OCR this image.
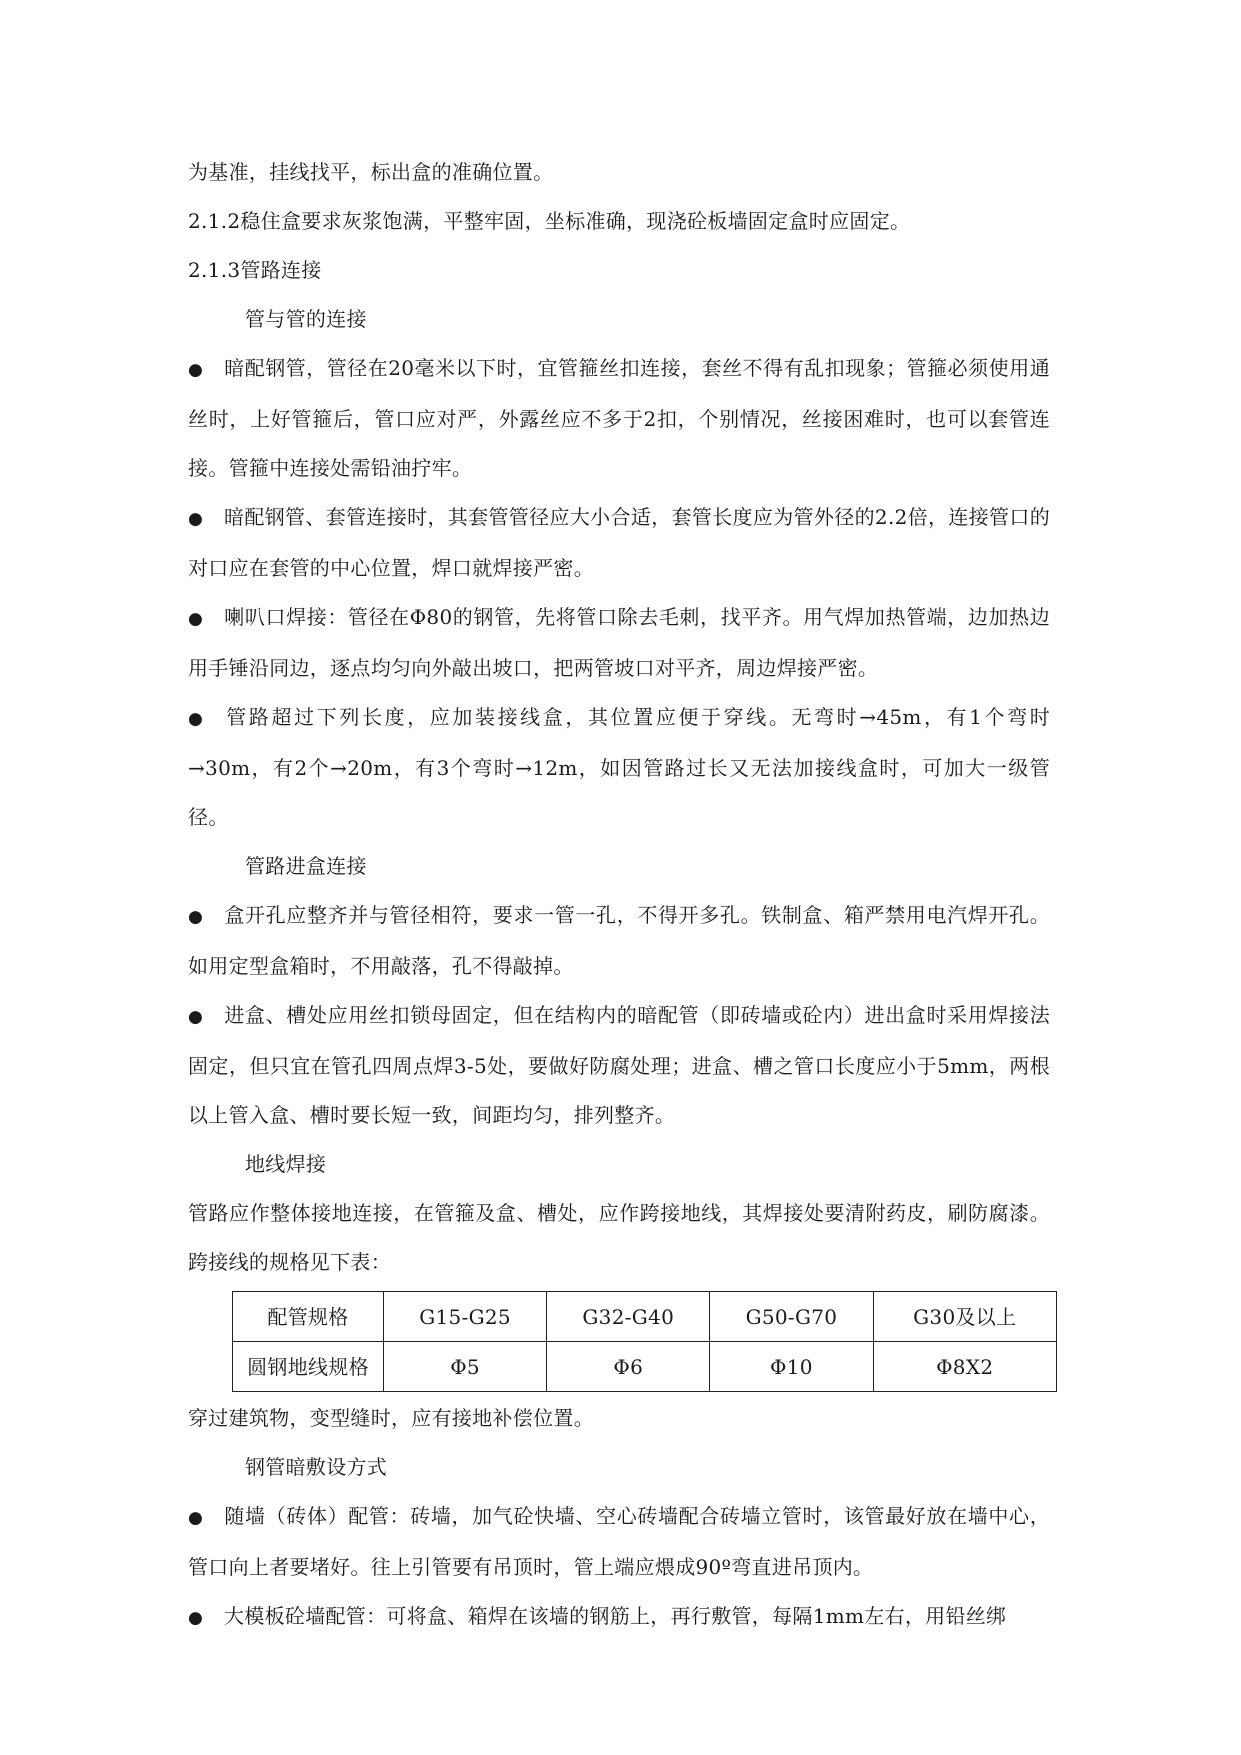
为基准，挂线找平，标出盒的准确位置。

2.1.2稳住盒要求灰浆饱满，平整牢固，坐标准确，现浇砼板墙固定盒时应固定。

2.1.3管路连接

管与管的连接

● 暗配钢管，管径在20毫米以下时，宜管箍丝扣连接，套丝不得有乱扣现象；管箍必须使用通丝时，上好管箍后，管口应对严，外露丝应不多于2扣，个别情况，丝接困难时，也可以套管连接。管箍中连接处需铅油拧牢。

● 暗配钢管、套管连接时，其套管管径应大小合适，套管长度应为管外径的2.2倍，连接管口的对口应在套管的中心位置，焊口就焊接严密。

● 喇叭口焊接：管径在Φ80的钢管，先将管口除去毛刺，找平齐。用气焊加热管端，边加热边用手锤沿同边，逐点均匀向外敲出坡口，把两管坡口对平齐，周边焊接严密。

● 管路超过下列长度，应加装接线盒，其位置应便于穿线。无弯时→45m，有1个弯时→30m，有2个→20m，有3个弯时→12m，如因管路过长又无法加接线盒时，可加大一级管径。

管路进盒连接

● 盒开孔应整齐并与管径相符，要求一管一孔，不得开多孔。铁制盒、箱严禁用电汽焊开孔。如用定型盒箱时，不用敲落，孔不得敲掉。

● 进盒、槽处应用丝扣锁母固定，但在结构内的暗配管（即砖墙或砼内）进出盒时采用焊接法固定，但只宜在管孔四周点焊3-5处，要做好防腐处理；进盒、槽之管口长度应小于5mm，两根以上管入盒、槽时要长短一致，间距均匀，排列整齐。

地线焊接

管路应作整体接地连接，在管箍及盒、槽处，应作跨接地线，其焊接处要清附药皮，刷防腐漆。跨接线的规格见下表：

配管规格	G15-G25	G32-G40	G50-G70	G30及以上
圆钢地线规格	Φ5	Φ6	Φ10	Φ8X2

穿过建筑物，变型缝时，应有接地补偿位置。

钢管暗敷设方式

● 随墙（砖体）配管：砖墙，加气砼快墙、空心砖墙配合砖墙立管时，该管最好放在墙中心，管口向上者要堵好。往上引管要有吊顶时，管上端应煨成90º弯直进吊顶内。

● 大模板砼墙配管：可将盒、箱焊在该墙的钢筋上，再行敷管，每隔1mm左右，用铅丝绑
